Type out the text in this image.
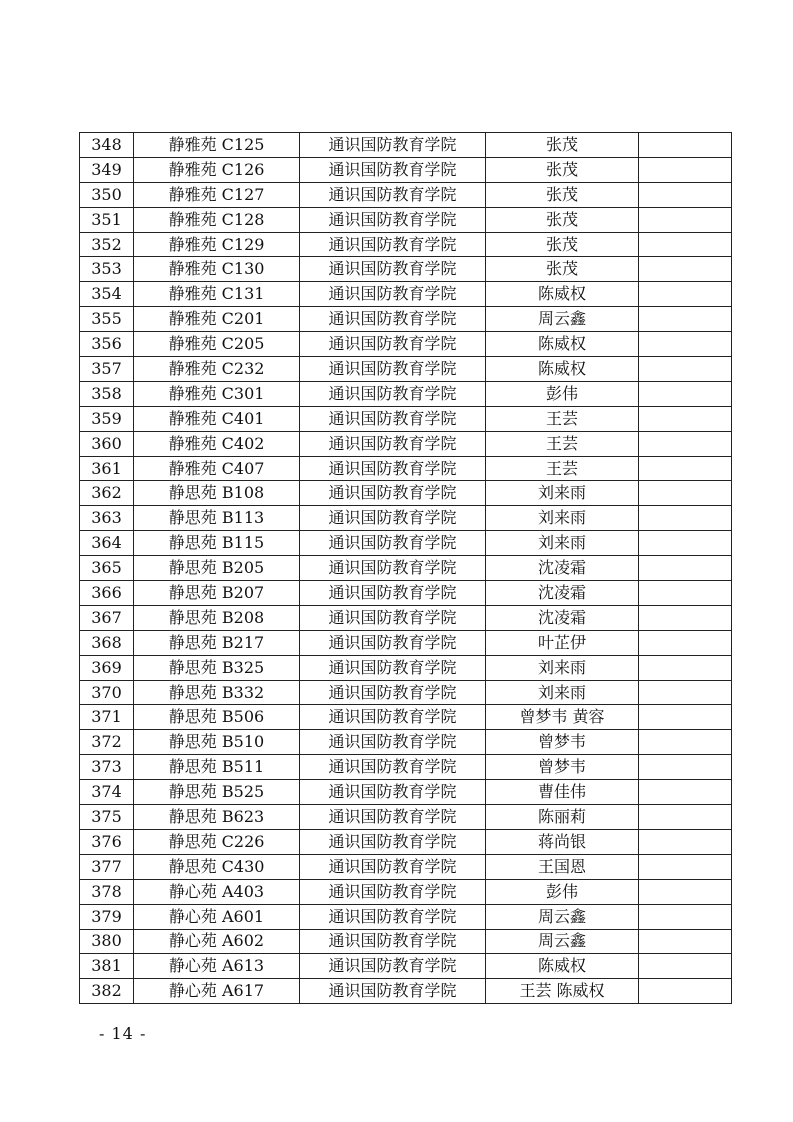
348	静雅苑 C125	通识国防教育学院	张茂	
349	静雅苑 C126	通识国防教育学院	张茂	
350	静雅苑 C127	通识国防教育学院	张茂	
351	静雅苑 C128	通识国防教育学院	张茂	
352	静雅苑 C129	通识国防教育学院	张茂	
353	静雅苑 C130	通识国防教育学院	张茂	
354	静雅苑 C131	通识国防教育学院	陈威权	
355	静雅苑 C201	通识国防教育学院	周云鑫	
356	静雅苑 C205	通识国防教育学院	陈威权	
357	静雅苑 C232	通识国防教育学院	陈威权	
358	静雅苑 C301	通识国防教育学院	彭伟	
359	静雅苑 C401	通识国防教育学院	王芸	
360	静雅苑 C402	通识国防教育学院	王芸	
361	静雅苑 C407	通识国防教育学院	王芸	
362	静思苑 B108	通识国防教育学院	刘来雨	
363	静思苑 B113	通识国防教育学院	刘来雨	
364	静思苑 B115	通识国防教育学院	刘来雨	
365	静思苑 B205	通识国防教育学院	沈凌霜	
366	静思苑 B207	通识国防教育学院	沈凌霜	
367	静思苑 B208	通识国防教育学院	沈凌霜	
368	静思苑 B217	通识国防教育学院	叶芷伊	
369	静思苑 B325	通识国防教育学院	刘来雨	
370	静思苑 B332	通识国防教育学院	刘来雨	
371	静思苑 B506	通识国防教育学院	曾梦韦 黄容	
372	静思苑 B510	通识国防教育学院	曾梦韦	
373	静思苑 B511	通识国防教育学院	曾梦韦	
374	静思苑 B525	通识国防教育学院	曹佳伟	
375	静思苑 B623	通识国防教育学院	陈丽莉	
376	静思苑 C226	通识国防教育学院	蒋尚银	
377	静思苑 C430	通识国防教育学院	王国恩	
378	静心苑 A403	通识国防教育学院	彭伟	
379	静心苑 A601	通识国防教育学院	周云鑫	
380	静心苑 A602	通识国防教育学院	周云鑫	
381	静心苑 A613	通识国防教育学院	陈威权	
382	静心苑 A617	通识国防教育学院	王芸 陈威权	
- 14 -
